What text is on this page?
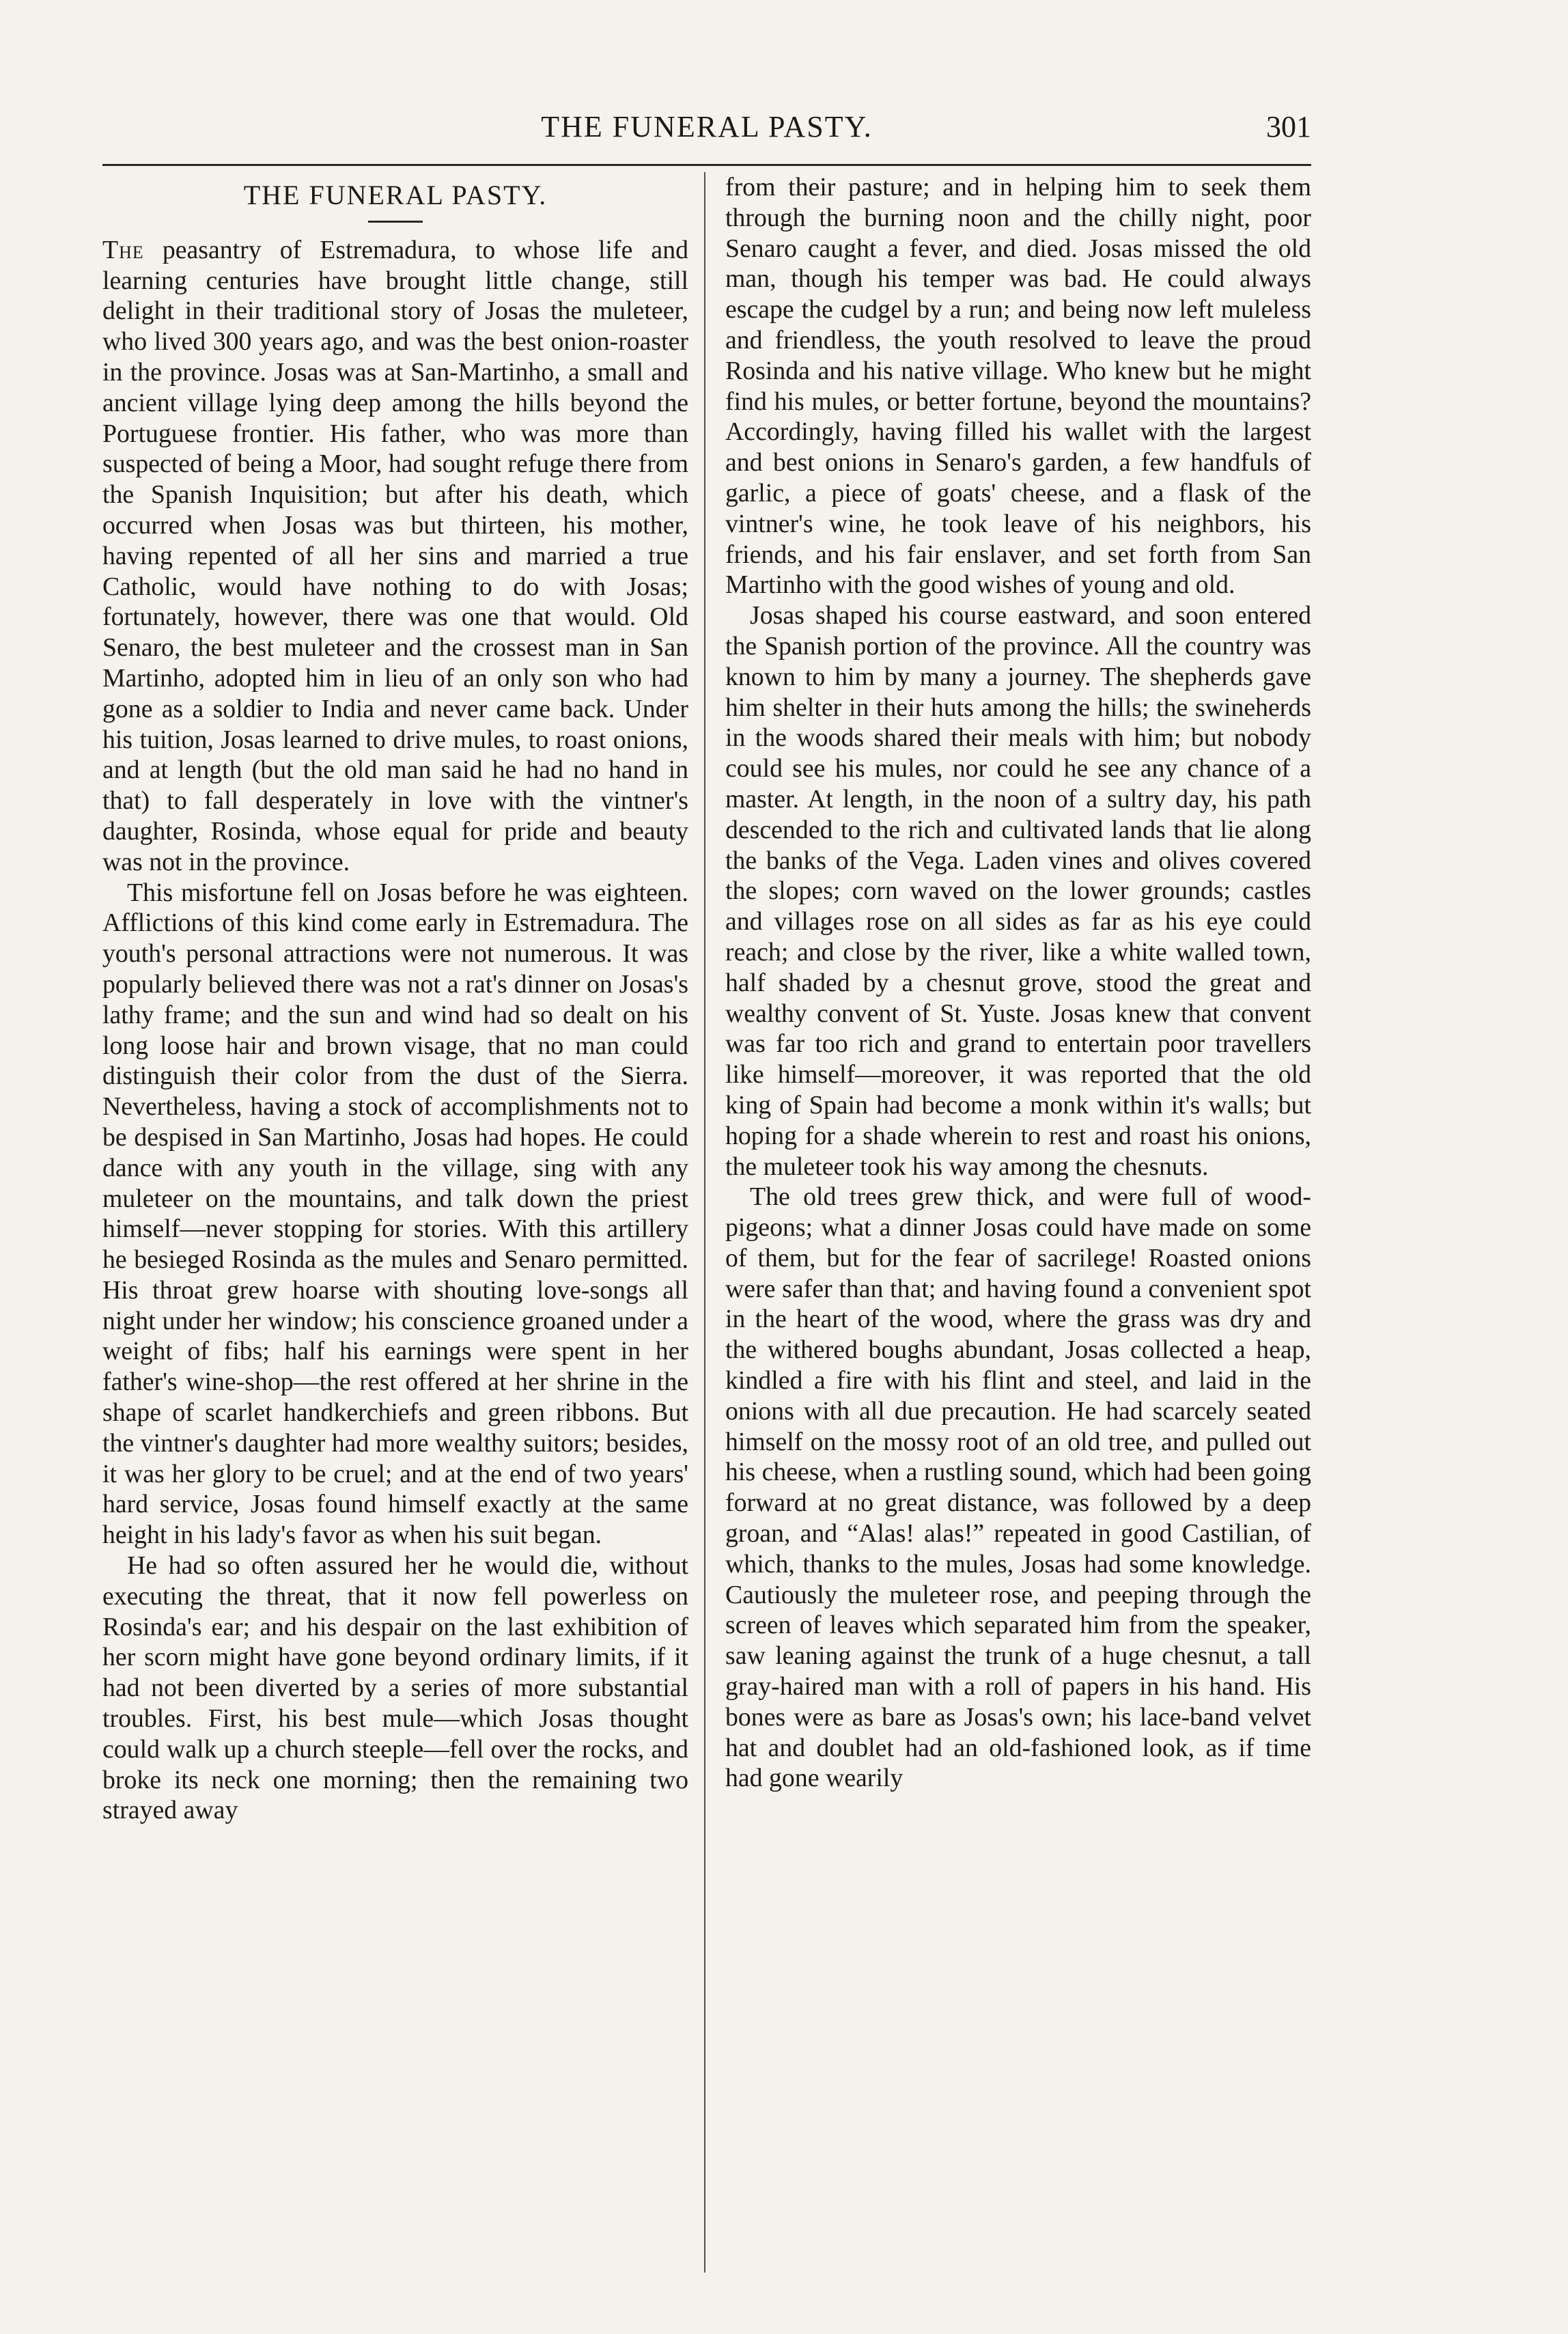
THE FUNERAL PASTY.	301
THE FUNERAL PASTY.

The peasantry of Estremadura, to whose life and learning centuries have brought little change, still delight in their traditional story of Josas the muleteer, who lived 300 years ago, and was the best onion-roaster in the province. Josas was at San-Martinho, a small and ancient village lying deep among the hills beyond the Portuguese frontier. His father, who was more than suspected of being a Moor, had sought refuge there from the Spanish Inquisition; but after his death, which occurred when Josas was but thirteen, his mother, having repented of all her sins and married a true Catholic, would have nothing to do with Josas; fortunately, however, there was one that would. Old Senaro, the best muleteer and the crossest man in San Martinho, adopted him in lieu of an only son who had gone as a soldier to India and never came back. Under his tuition, Josas learned to drive mules, to roast onions, and at length (but the old man said he had no hand in that) to fall desperately in love with the vintner's daughter, Rosinda, whose equal for pride and beauty was not in the province.

This misfortune fell on Josas before he was eighteen. Afflictions of this kind come early in Estremadura. The youth's personal attractions were not numerous. It was popularly believed there was not a rat's dinner on Josas's lathy frame; and the sun and wind had so dealt on his long loose hair and brown visage, that no man could distinguish their color from the dust of the Sierra. Nevertheless, having a stock of accomplishments not to be despised in San Martinho, Josas had hopes. He could dance with any youth in the village, sing with any muleteer on the mountains, and talk down the priest himself—never stopping for stories. With this artillery he besieged Rosinda as the mules and Senaro permitted. His throat grew hoarse with shouting love-songs all night under her window; his conscience groaned under a weight of fibs; half his earnings were spent in her father's wine-shop—the rest offered at her shrine in the shape of scarlet handkerchiefs and green ribbons. But the vintner's daughter had more wealthy suitors; besides, it was her glory to be cruel; and at the end of two years' hard service, Josas found himself exactly at the same height in his lady's favor as when his suit began.

He had so often assured her he would die, without executing the threat, that it now fell powerless on Rosinda's ear; and his despair on the last exhibition of her scorn might have gone beyond ordinary limits, if it had not been diverted by a series of more substantial troubles. First, his best mule—which Josas thought could walk up a church steeple—fell over the rocks, and broke its neck one morning; then the remaining two strayed away

from their pasture; and in helping him to seek them through the burning noon and the chilly night, poor Senaro caught a fever, and died. Josas missed the old man, though his temper was bad. He could always escape the cudgel by a run; and being now left muleless and friendless, the youth resolved to leave the proud Rosinda and his native village. Who knew but he might find his mules, or better fortune, beyond the mountains? Accordingly, having filled his wallet with the largest and best onions in Senaro's garden, a few handfuls of garlic, a piece of goats' cheese, and a flask of the vintner's wine, he took leave of his neighbors, his friends, and his fair enslaver, and set forth from San Martinho with the good wishes of young and old.

Josas shaped his course eastward, and soon entered the Spanish portion of the province. All the country was known to him by many a journey. The shepherds gave him shelter in their huts among the hills; the swineherds in the woods shared their meals with him; but nobody could see his mules, nor could he see any chance of a master. At length, in the noon of a sultry day, his path descended to the rich and cultivated lands that lie along the banks of the Vega. Laden vines and olives covered the slopes; corn waved on the lower grounds; castles and villages rose on all sides as far as his eye could reach; and close by the river, like a white walled town, half shaded by a chesnut grove, stood the great and wealthy convent of St. Yuste. Josas knew that convent was far too rich and grand to entertain poor travellers like himself—moreover, it was reported that the old king of Spain had become a monk within it's walls; but hoping for a shade wherein to rest and roast his onions, the muleteer took his way among the chesnuts.

The old trees grew thick, and were full of wood-pigeons; what a dinner Josas could have made on some of them, but for the fear of sacrilege! Roasted onions were safer than that; and having found a convenient spot in the heart of the wood, where the grass was dry and the withered boughs abundant, Josas collected a heap, kindled a fire with his flint and steel, and laid in the onions with all due precaution. He had scarcely seated himself on the mossy root of an old tree, and pulled out his cheese, when a rustling sound, which had been going forward at no great distance, was followed by a deep groan, and “Alas! alas!” repeated in good Castilian, of which, thanks to the mules, Josas had some knowledge. Cautiously the muleteer rose, and peeping through the screen of leaves which separated him from the speaker, saw leaning against the trunk of a huge chesnut, a tall gray-haired man with a roll of papers in his hand. His bones were as bare as Josas's own; his lace-band velvet hat and doublet had an old-fashioned look, as if time had gone wearily
